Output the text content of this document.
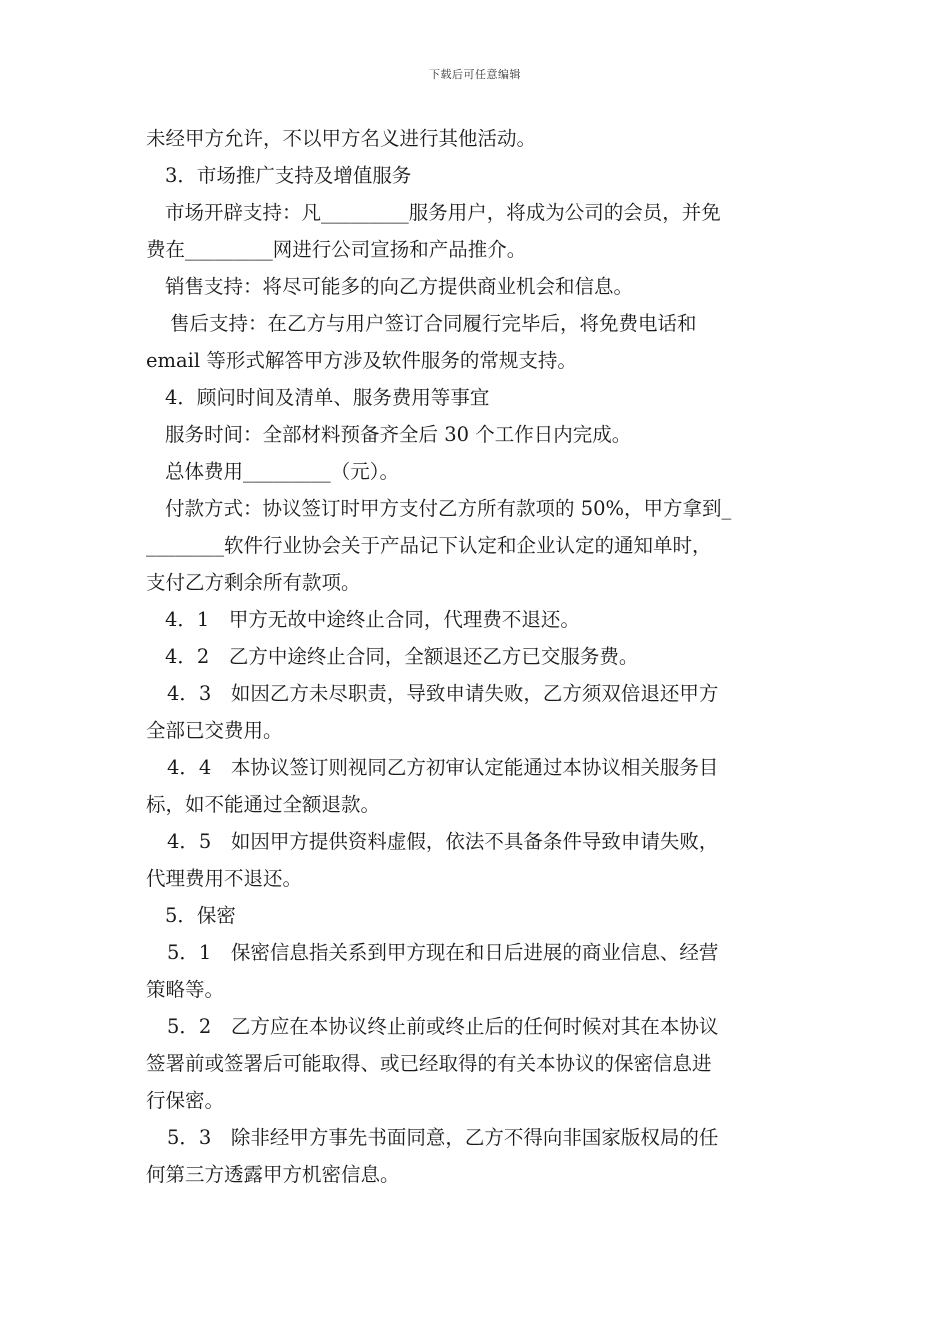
下载后可任意编辑
未经甲方允许，不以甲方名义进行其他活动。
3．市场推广支持及增值服务
市场开辟支持：凡_________服务用户，将成为公司的会员，并免
费在_________网进行公司宣扬和产品推介。
销售支持：将尽可能多的向乙方提供商业机会和信息。
售后支持：在乙方与用户签订合同履行完毕后，将免费电话和
email 等形式解答甲方涉及软件服务的常规支持。
4．顾问时间及清单、服务费用等事宜
服务时间：全部材料预备齐全后 30 个工作日内完成。
总体费用_________（元）。
付款方式：协议签订时甲方支付乙方所有款项的 50%，甲方拿到_
________软件行业协会关于产品记下认定和企业认定的通知单时，
支付乙方剩余所有款项。
4．1　甲方无故中途终止合同，代理费不退还。
4．2　乙方中途终止合同，全额退还乙方已交服务费。
4．3　如因乙方未尽职责，导致申请失败，乙方须双倍退还甲方
全部已交费用。
4．4　本协议签订则视同乙方初审认定能通过本协议相关服务目
标，如不能通过全额退款。
4．5　如因甲方提供资料虚假，依法不具备条件导致申请失败，
代理费用不退还。
5．保密
5．1　保密信息指关系到甲方现在和日后进展的商业信息、经营
策略等。
5．2　乙方应在本协议终止前或终止后的任何时候对其在本协议
签署前或签署后可能取得、或已经取得的有关本协议的保密信息进
行保密。
5．3　除非经甲方事先书面同意，乙方不得向非国家版权局的任
何第三方透露甲方机密信息。
